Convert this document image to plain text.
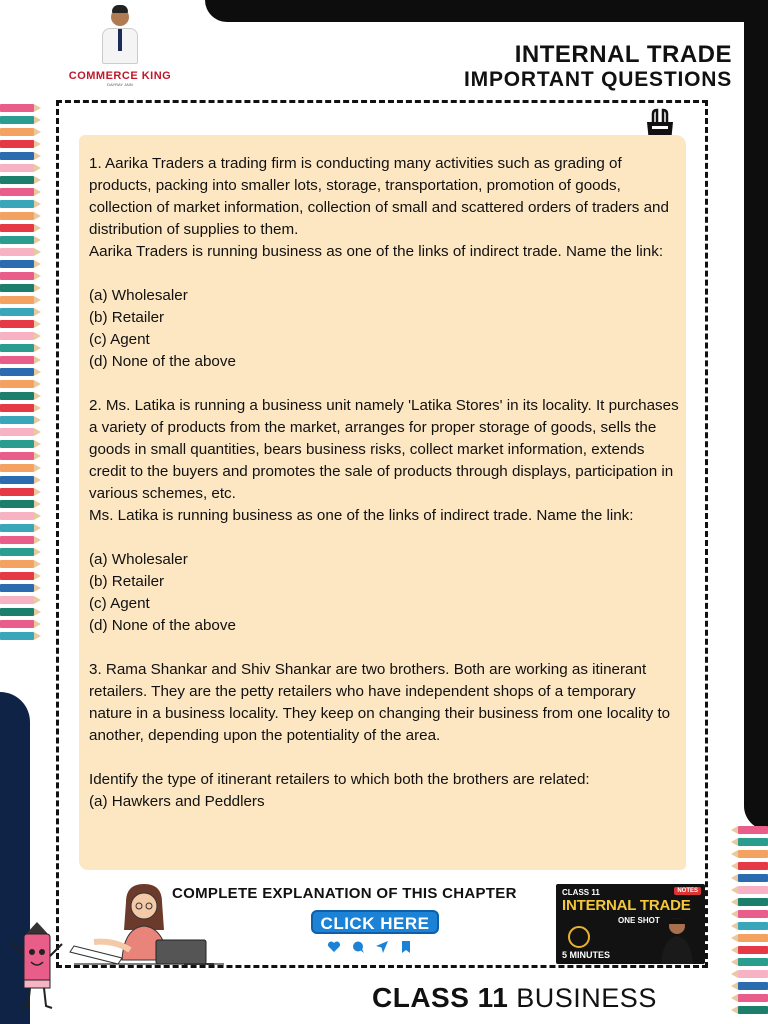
COMMERCE KING
DAYRAY JAIN
INTERNAL TRADE
IMPORTANT QUESTIONS

1. Aarika Traders a trading firm is conducting many activities such as grading of products, packing into smaller lots, storage, transportation, promotion of goods, collection of market information, collection of small and scattered orders of traders and distribution of supplies to them.

Aarika Traders is running business as one of the links of indirect trade. Name the link:

(a) Wholesaler

(b) Retailer

(c) Agent

(d) None of the above

2. Ms. Latika is running a business unit namely 'Latika Stores' in its locality. It purchases a variety of products from the market, arranges for proper storage of goods, sells the goods in small quantities, bears business risks, collect market information, extends credit to the buyers and promotes the sale of products through displays, participation in various schemes, etc.

Ms. Latika is running business as one of the links of indirect trade. Name the link:

(a) Wholesaler

(b) Retailer

(c) Agent

(d) None of the above

3. Rama Shankar and Shiv Shankar are two brothers. Both are working as itinerant retailers. They are the petty retailers who have independent shops of a temporary nature in a business locality. They keep on changing their business from one locality to another, depending upon the potentiality of the area.

Identify the type of itinerant retailers to which both the brothers are related:

(a) Hawkers and Peddlers

COMPLETE EXPLANATION OF THIS CHAPTER
CLICK HERE
CLASS 11	NOTES
INTERNAL TRADE
ONE SHOT
5 MINUTES
CLASS 11 BUSINESS
